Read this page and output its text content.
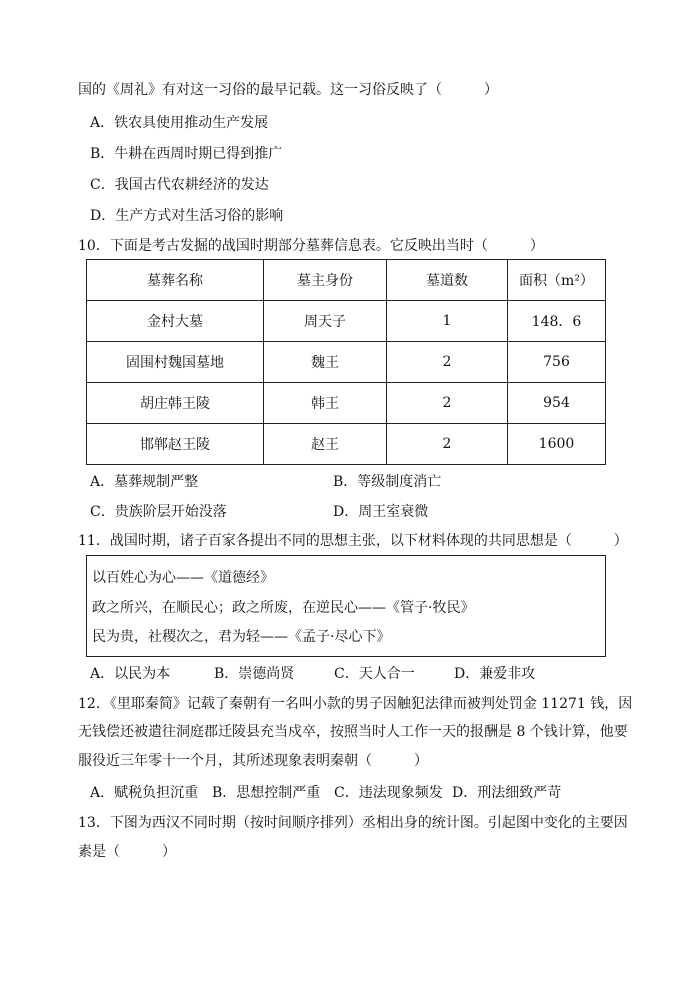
国的《周礼》有对这一习俗的最早记载。这一习俗反映了（　　　）
A．铁农具使用推动生产发展
B．牛耕在西周时期已得到推广
C．我国古代农耕经济的发达
D．生产方式对生活习俗的影响
10．下面是考古发掘的战国时期部分墓葬信息表。它反映出当时（　　　）
墓葬名称	墓主身份	墓道数	面积（m²）
金村大墓	周天子	1	148．6
固围村魏国墓地	魏王	2	756
胡庄韩王陵	韩王	2	954
邯郸赵王陵	赵王	2	1600
A．墓葬规制严整	B．等级制度消亡
C．贵族阶层开始没落	D．周王室衰微
11．战国时期，诸子百家各提出不同的思想主张，以下材料体现的共同思想是（　　　）
以百姓心为心——《道德经》
政之所兴，在顺民心；政之所废，在逆民心——《管子·牧民》
民为贵，社稷次之，君为轻——《孟子·尽心下》
A．以民为本	B．崇德尚贤	C．天人合一	D．兼爱非攻
12．《里耶秦简》记载了秦朝有一名叫小款的男子因触犯法律而被判处罚金 11271 钱，因
无钱偿还被遣往洞庭郡迁陵县充当戍卒，按照当时人工作一天的报酬是 8 个钱计算，他要
服役近三年零十一个月，其所述现象表明秦朝（　　　）
A．赋税负担沉重 B．思想控制严重 C．违法现象频发 D．刑法细致严苛
13．下图为西汉不同时期（按时间顺序排列）丞相出身的统计图。引起图中变化的主要因
素是（　　　）
